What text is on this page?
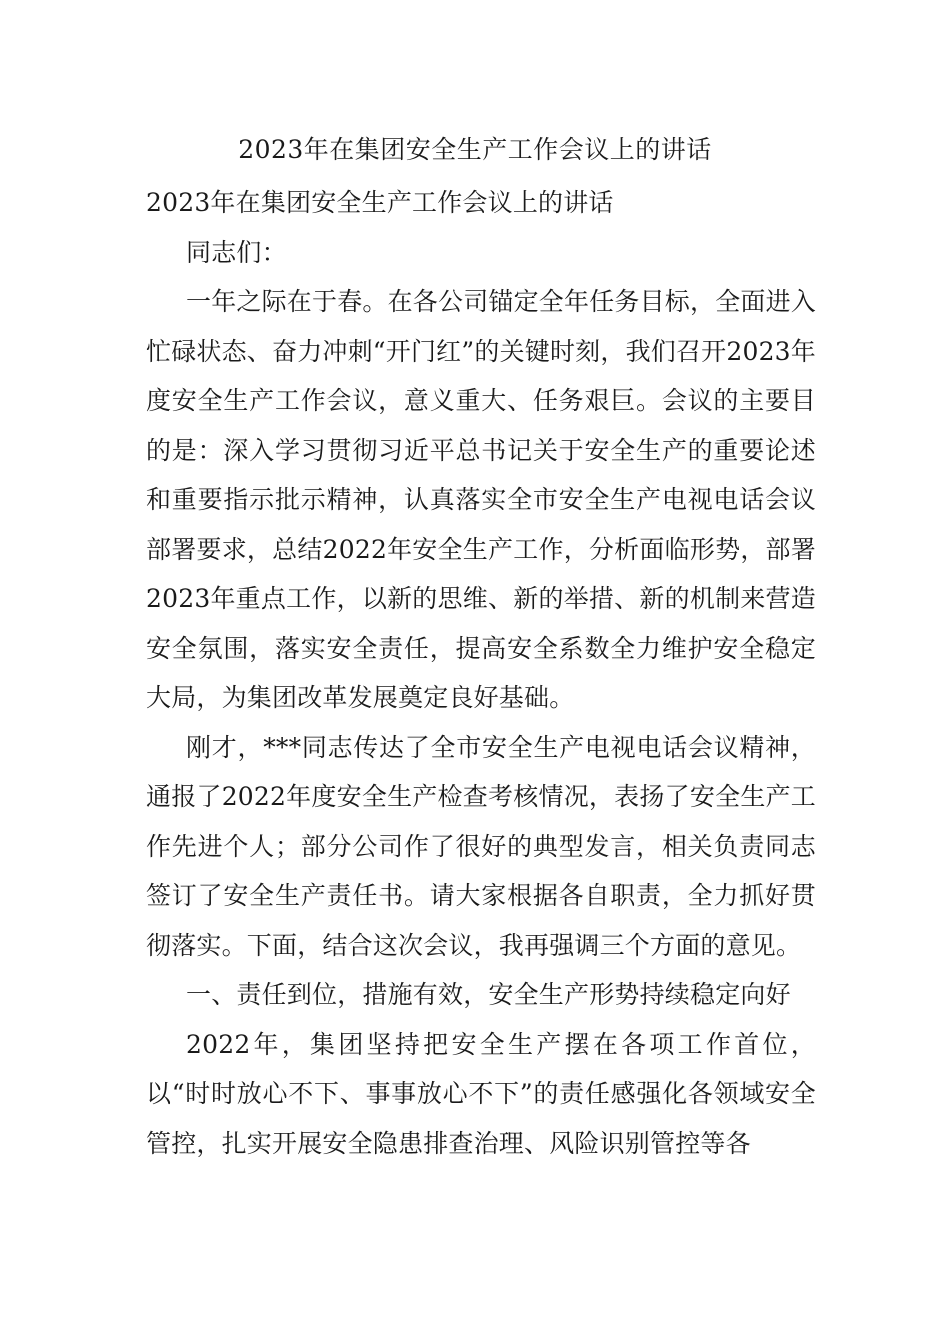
2023年在集团安全生产工作会议上的讲话

2023年在集团安全生产工作会议上的讲话

同志们：

一年之际在于春。在各公司锚定全年任务目标，全面进入忙碌状态、奋力冲刺“开门红”的关键时刻，我们召开2023年度安全生产工作会议，意义重大、任务艰巨。会议的主要目的是：深入学习贯彻习近平总书记关于安全生产的重要论述和重要指示批示精神，认真落实全市安全生产电视电话会议部署要求，总结2022年安全生产工作，分析面临形势，部署2023年重点工作，以新的思维、新的举措、新的机制来营造安全氛围，落实安全责任，提高安全系数全力维护安全稳定大局，为集团改革发展奠定良好基础。

刚才，***同志传达了全市安全生产电视电话会议精神，通报了2022年度安全生产检查考核情况，表扬了安全生产工作先进个人；部分公司作了很好的典型发言，相关负责同志签订了安全生产责任书。请大家根据各自职责，全力抓好贯彻落实。下面，结合这次会议，我再强调三个方面的意见。

一、责任到位，措施有效，安全生产形势持续稳定向好

2022年，集团坚持把安全生产摆在各项工作首位，以“时时放心不下、事事放心不下”的责任感强化各领域安全管控，扎实开展安全隐患排查治理、风险识别管控等各
